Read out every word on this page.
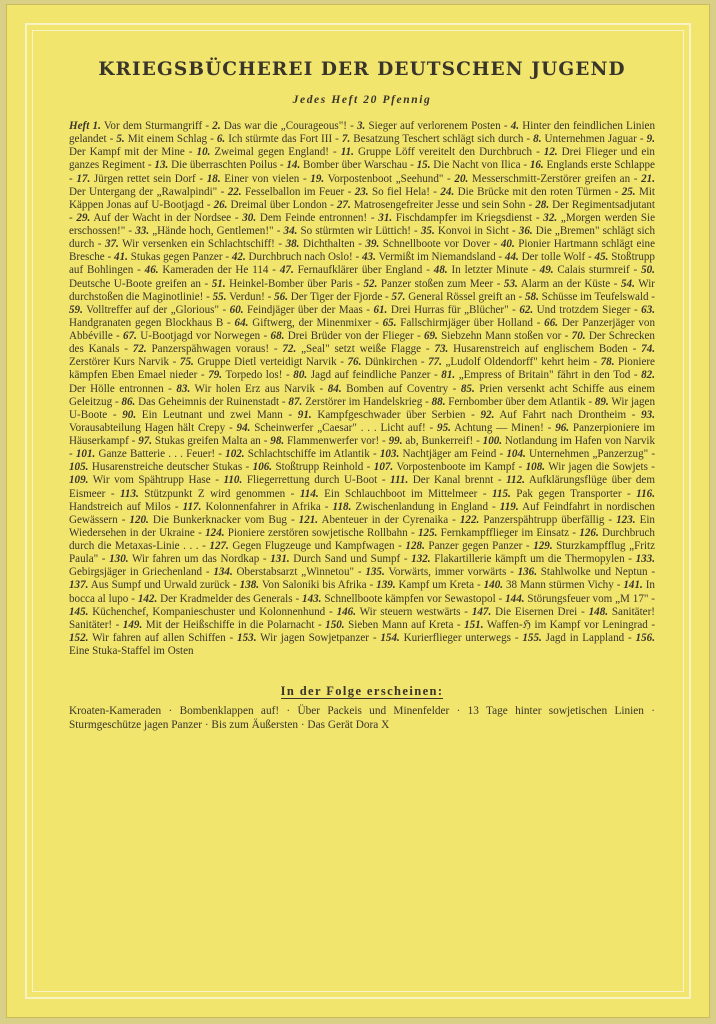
KRIEGSBÜCHEREI DER DEUTSCHEN JUGEND
Jedes Heft 20 Pfennig

Heft 1. Vor dem Sturmangriff - 2. Das war die „Courageous"! - 3. Sieger auf verlorenem Posten - 4. Hinter den feindlichen Linien gelandet - 5. Mit einem Schlag - 6. Ich stürmte das Fort III - 7. Besatzung Teschert schlägt sich durch - 8. Unternehmen Jaguar - 9. Der Kampf mit der Mine - 10. Zweimal gegen England! - 11. Gruppe Löff vereitelt den Durchbruch - 12. Drei Flieger und ein ganzes Regiment - 13. Die überraschten Poilus - 14. Bomber über Warschau - 15. Die Nacht von Ilica - 16. Englands erste Schlappe - 17. Jürgen rettet sein Dorf - 18. Einer von vielen - 19. Vorpostenboot „Seehund" - 20. Messerschmitt-Zerstörer greifen an - 21. Der Untergang der „Rawalpindi" - 22. Fesselballon im Feuer - 23. So fiel Hela! - 24. Die Brücke mit den roten Türmen - 25. Mit Käppen Jonas auf U-Bootjagd - 26. Dreimal über London - 27. Matrosengefreiter Jesse und sein Sohn - 28. Der Regimentsadjutant - 29. Auf der Wacht in der Nordsee - 30. Dem Feinde entronnen! - 31. Fischdampfer im Kriegsdienst - 32. „Morgen werden Sie erschossen!" - 33. „Hände hoch, Gentlemen!" - 34. So stürmten wir Lüttich! - 35. Konvoi in Sicht - 36. Die „Bremen" schlägt sich durch - 37. Wir versenken ein Schlachtschiff! - 38. Dichthalten - 39. Schnellboote vor Dover - 40. Pionier Hartmann schlägt eine Bresche - 41. Stukas gegen Panzer - 42. Durchbruch nach Oslo! - 43. Vermißt im Niemandsland - 44. Der tolle Wolf - 45. Stoßtrupp auf Bohlingen - 46. Kameraden der He 114 - 47. Fernaufklärer über England - 48. In letzter Minute - 49. Calais sturmreif - 50. Deutsche U-Boote greifen an - 51. Heinkel-Bomber über Paris - 52. Panzer stoßen zum Meer - 53. Alarm an der Küste - 54. Wir durchstoßen die Maginotlinie! - 55. Verdun! - 56. Der Tiger der Fjorde - 57. General Rössel greift an - 58. Schüsse im Teufelswald - 59. Volltreffer auf der „Glorious" - 60. Feindjäger über der Maas - 61. Drei Hurras für „Blücher" - 62. Und trotzdem Sieger - 63. Handgranaten gegen Blockhaus B - 64. Giftwerg, der Minenmixer - 65. Fallschirmjäger über Holland - 66. Der Panzerjäger von Abbéville - 67. U-Bootjagd vor Norwegen - 68. Drei Brüder von der Flieger - 69. Siebzehn Mann stoßen vor - 70. Der Schrecken des Kanals - 72. Panzerspähwagen voraus! - 72. „Seal" setzt weiße Flagge - 73. Husarenstreich auf englischem Boden - 74. Zerstörer Kurs Narvik - 75. Gruppe Dietl verteidigt Narvik - 76. Dünkirchen - 77. „Ludolf Oldendorff" kehrt heim - 78. Pioniere kämpfen Eben Emael nieder - 79. Torpedo los! - 80. Jagd auf feindliche Panzer - 81. „Empress of Britain" fährt in den Tod - 82. Der Hölle entronnen - 83. Wir holen Erz aus Narvik - 84. Bomben auf Coventry - 85. Prien versenkt acht Schiffe aus einem Geleitzug - 86. Das Geheimnis der Ruinenstadt - 87. Zerstörer im Handelskrieg - 88. Fernbomber über dem Atlantik - 89. Wir jagen U-Boote - 90. Ein Leutnant und zwei Mann - 91. Kampfgeschwader über Serbien - 92. Auf Fahrt nach Drontheim - 93. Vorausabteilung Hagen hält Crepy - 94. Scheinwerfer „Caesar" . . . Licht auf! - 95. Achtung — Minen! - 96. Panzerpioniere im Häuserkampf - 97. Stukas greifen Malta an - 98. Flammenwerfer vor! - 99. ab, Bunkerreif! - 100. Notlandung im Hafen von Narvik - 101. Ganze Batterie . . . Feuer! - 102. Schlachtschiffe im Atlantik - 103. Nachtjäger am Feind - 104. Unternehmen „Panzerzug" - 105. Husarenstreiche deutscher Stukas - 106. Stoßtrupp Reinhold - 107. Vorpostenboote im Kampf - 108. Wir jagen die Sowjets - 109. Wir vom Spähtrupp Hase - 110. Fliegerrettung durch U-Boot - 111. Der Kanal brennt - 112. Aufklärungsflüge über dem Eismeer - 113. Stützpunkt Z wird genommen - 114. Ein Schlauchboot im Mittelmeer - 115. Pak gegen Transporter - 116. Handstreich auf Milos - 117. Kolonnenfahrer in Afrika - 118. Zwischenlandung in England - 119. Auf Feindfahrt in nordischen Gewässern - 120. Die Bunkerknacker vom Bug - 121. Abenteuer in der Cyrenaika - 122. Panzerspähtrupp überfällig - 123. Ein Wiedersehen in der Ukraine - 124. Pioniere zerstören sowjetische Rollbahn - 125. Fernkampfflieger im Einsatz - 126. Durchbruch durch die Metaxas-Linie . . . - 127. Gegen Flugzeuge und Kampfwagen - 128. Panzer gegen Panzer - 129. Sturzkampfflug „Fritz Paula" - 130. Wir fahren um das Nordkap - 131. Durch Sand und Sumpf - 132. Flakartillerie kämpft um die Thermopylen - 133. Gebirgsjäger in Griechenland - 134. Oberstabsarzt „Winnetou" - 135. Vorwärts, immer vorwärts - 136. Stahlwolke und Neptun - 137. Aus Sumpf und Urwald zurück - 138. Von Saloniki bis Afrika - 139. Kampf um Kreta - 140. 38 Mann stürmen Vichy - 141. In bocca al lupo - 142. Der Kradmelder des Generals - 143. Schnellboote kämpfen vor Sewastopol - 144. Störungsfeuer vom „M 17" - 145. Küchenchef, Kompanieschuster und Kolonnenhund - 146. Wir steuern westwärts - 147. Die Eisernen Drei - 148. Sanitäter! Sanitäter! - 149. Mit der Heißschiffe in die Polarnacht - 150. Sieben Mann auf Kreta - 151. Waffen-ℌ im Kampf vor Leningrad - 152. Wir fahren auf allen Schiffen - 153. Wir jagen Sowjetpanzer - 154. Kurierflieger unterwegs - 155. Jagd in Lappland - 156. Eine Stuka-Staffel im Osten

In der Folge erscheinen:

Kroaten-Kameraden · Bombenklappen auf! · Über Packeis und Minenfelder · 13 Tage hinter sowjetischen Linien · Sturmgeschütze jagen Panzer · Bis zum Äußersten · Das Gerät Dora X
